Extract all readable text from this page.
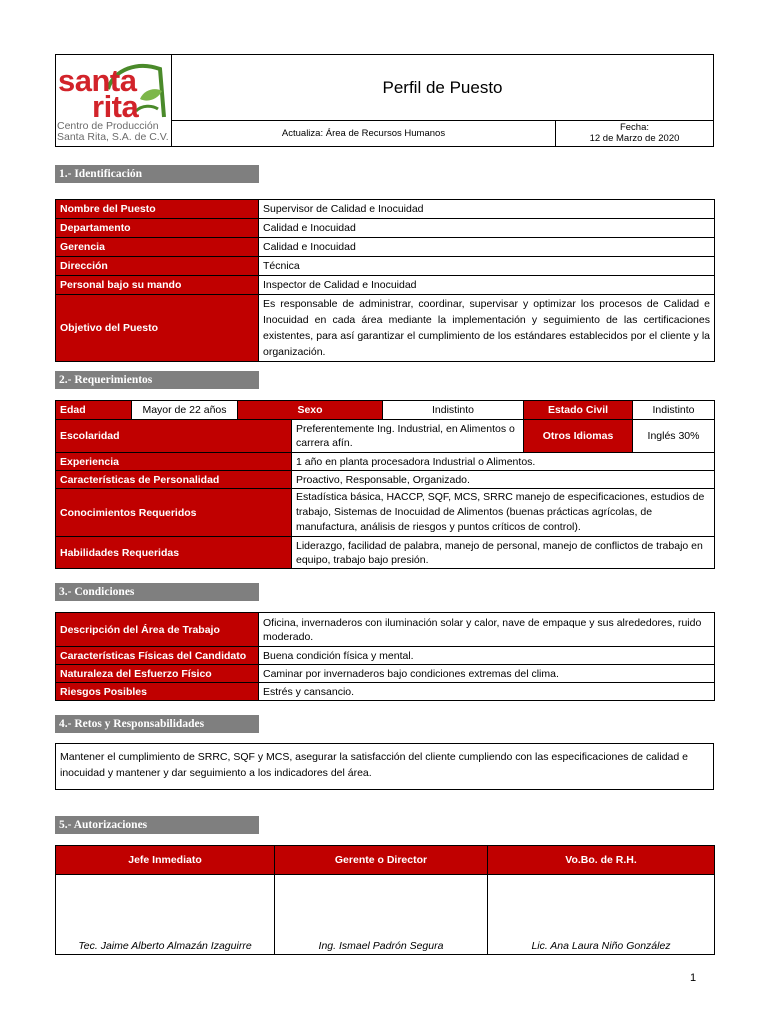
santa
rita
Centro de Producción
Santa Rita, S.A. de C.V.
Perfil de Puesto
Actualiza: Área de Recursos Humanos
Fecha:
12 de Marzo de 2020
1.- Identificación
Nombre del Puesto	Supervisor de Calidad e Inocuidad
Departamento	Calidad e Inocuidad
Gerencia	Calidad e Inocuidad
Dirección	Técnica
Personal bajo su mando	Inspector de Calidad e Inocuidad
Objetivo del Puesto	Es responsable de administrar, coordinar, supervisar y optimizar los procesos de Calidad e Inocuidad en cada área mediante la implementación y seguimiento de las certificaciones existentes, para así garantizar el cumplimiento de los estándares establecidos por el cliente y la organización.
2.- Requerimientos
Edad	Mayor de 22 años	Sexo		Indistinto	Estado Civil	Indistinto
Escolaridad			Preferentemente Ing. Industrial, en Alimentos o carrera afín.		Otros Idiomas	Inglés 30%
Experiencia			1 año en planta procesadora Industrial o Alimentos.			
Características de Personalidad			Proactivo, Responsable, Organizado.			
Conocimientos Requeridos			Estadística básica, HACCP, SQF, MCS, SRRC manejo de especificaciones, estudios de trabajo, Sistemas de Inocuidad de Alimentos (buenas prácticas agrícolas, de manufactura, análisis de riesgos y puntos críticos de control).			
Habilidades Requeridas			Liderazgo, facilidad de palabra, manejo de personal, manejo de conflictos de trabajo en equipo, trabajo bajo presión.			
3.- Condiciones
Descripción del Área de Trabajo	Oficina, invernaderos con iluminación solar y calor, nave de empaque y sus alrededores, ruido moderado.
Características Físicas del Candidato	Buena condición física y mental.
Naturaleza del Esfuerzo Físico	Caminar por invernaderos bajo condiciones extremas del clima.
Riesgos Posibles	Estrés y cansancio.
4.- Retos y Responsabilidades
Mantener el cumplimiento de SRRC, SQF y MCS, asegurar la satisfacción del cliente cumpliendo con las especificaciones de calidad e inocuidad y mantener y dar seguimiento a los indicadores del área.
5.- Autorizaciones
Jefe Inmediato	Gerente o Director	Vo.Bo. de R.H.
Tec. Jaime Alberto Almazán Izaguirre	Ing. Ismael Padrón Segura	Lic. Ana Laura Niño González
1
